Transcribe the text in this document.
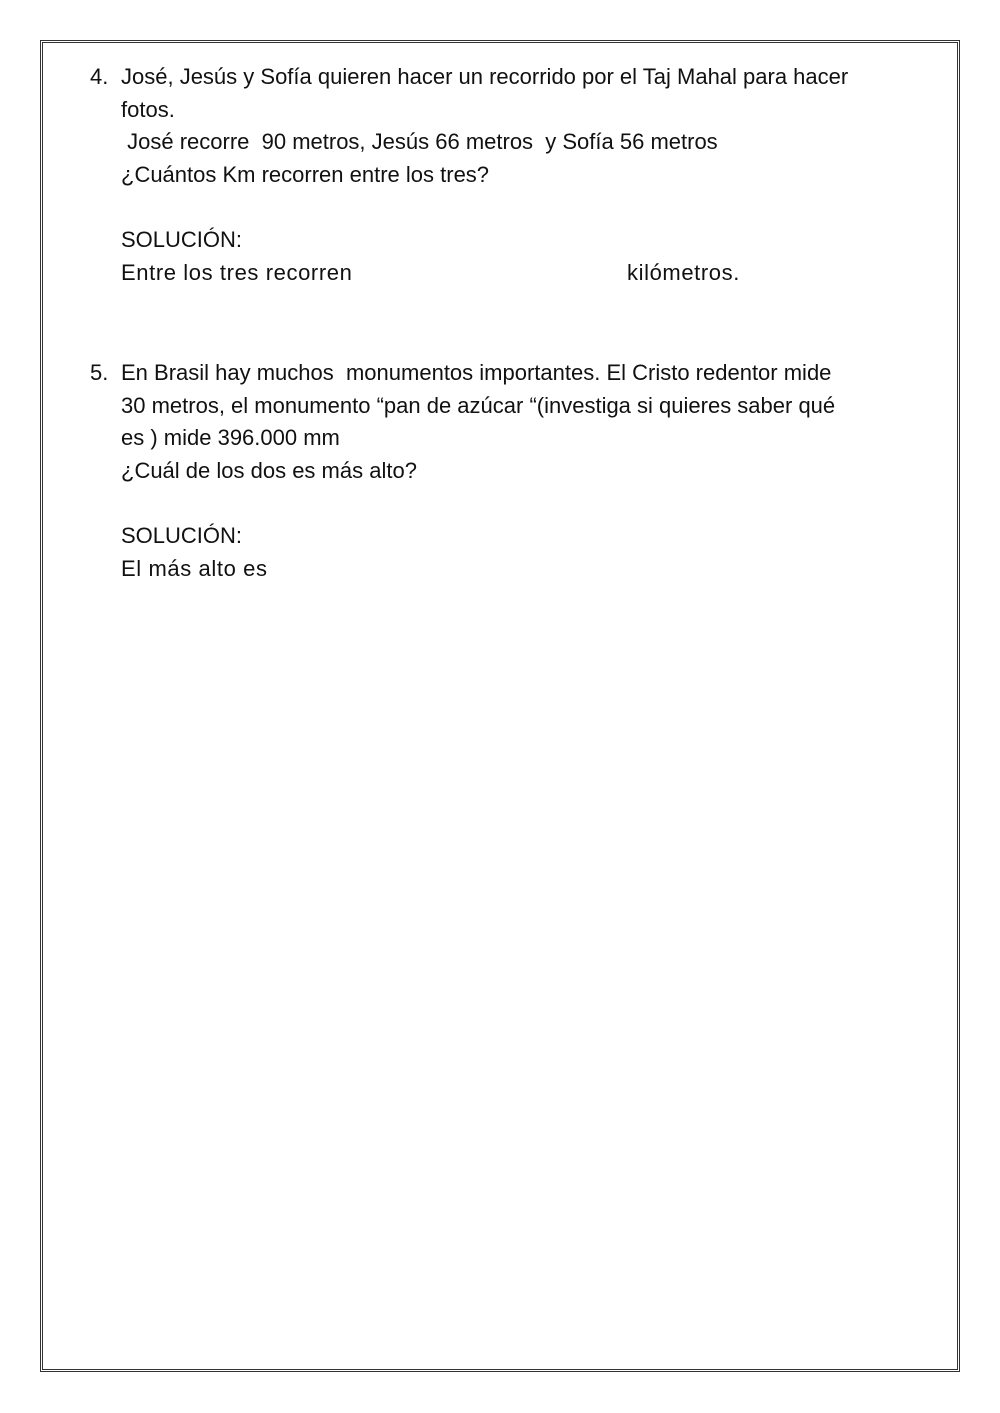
4. José, Jesús y Sofía quieren hacer un recorrido por el Taj Mahal para hacer
fotos.
José recorre  90 metros, Jesús 66 metros  y Sofía 56 metros
¿Cuántos Km recorren entre los tres?
SOLUCIÓN:
Entre los tres recorren	kilómetros.
5. En Brasil hay muchos  monumentos importantes. El Cristo redentor mide
30 metros, el monumento “pan de azúcar “(investiga si quieres saber qué
es ) mide 396.000 mm
¿Cuál de los dos es más alto?
SOLUCIÓN:
El más alto es
